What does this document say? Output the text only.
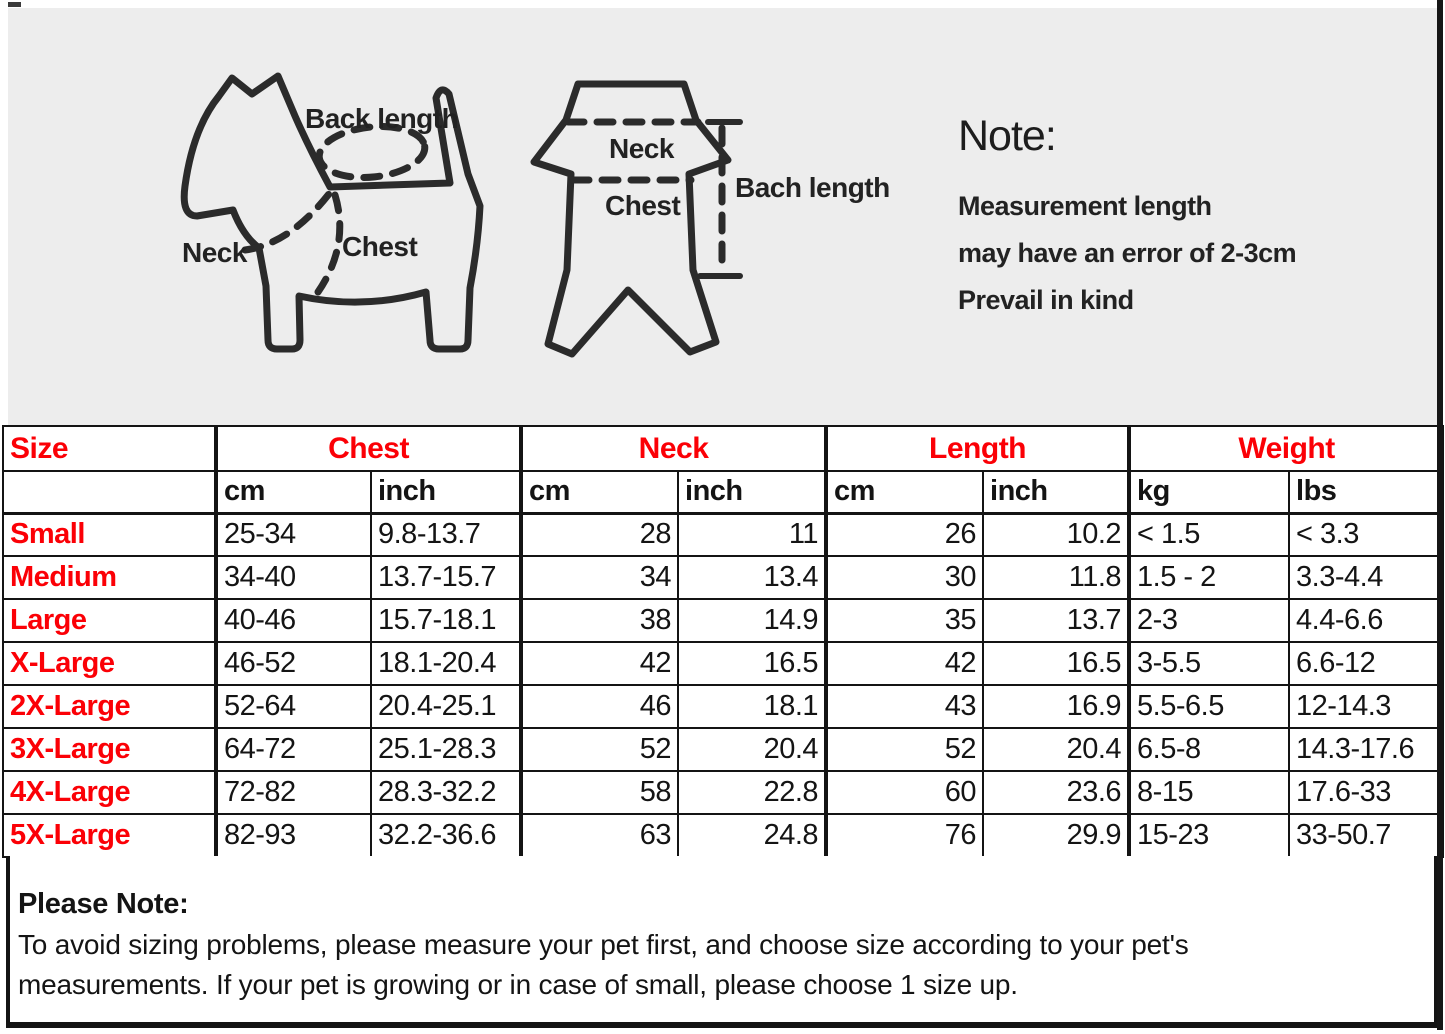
Back length
Neck	Chest
Neck
Chest
Bach length
Note:
Measurement length
may have an error of 2-3cm
Prevail in kind
Size	Chest		Neck		Length		Weight	
	cm	inch	cm	inch	cm	inch	kg	lbs
Small	25-34	9.8-13.7	28	11	26	10.2	< 1.5	< 3.3
Medium	34-40	13.7-15.7	34	13.4	30	11.8	1.5 - 2	3.3-4.4
Large	40-46	15.7-18.1	38	14.9	35	13.7	2-3	4.4-6.6
X-Large	46-52	18.1-20.4	42	16.5	42	16.5	3-5.5	6.6-12
2X-Large	52-64	20.4-25.1	46	18.1	43	16.9	5.5-6.5	12-14.3
3X-Large	64-72	25.1-28.3	52	20.4	52	20.4	6.5-8	14.3-17.6
4X-Large	72-82	28.3-32.2	58	22.8	60	23.6	8-15	17.6-33
5X-Large	82-93	32.2-36.6	63	24.8	76	29.9	15-23	33-50.7
Please Note:
To avoid sizing problems, please measure your pet first, and choose size according to your pet's
measurements. If your pet is growing or in case of small, please choose 1 size up.
